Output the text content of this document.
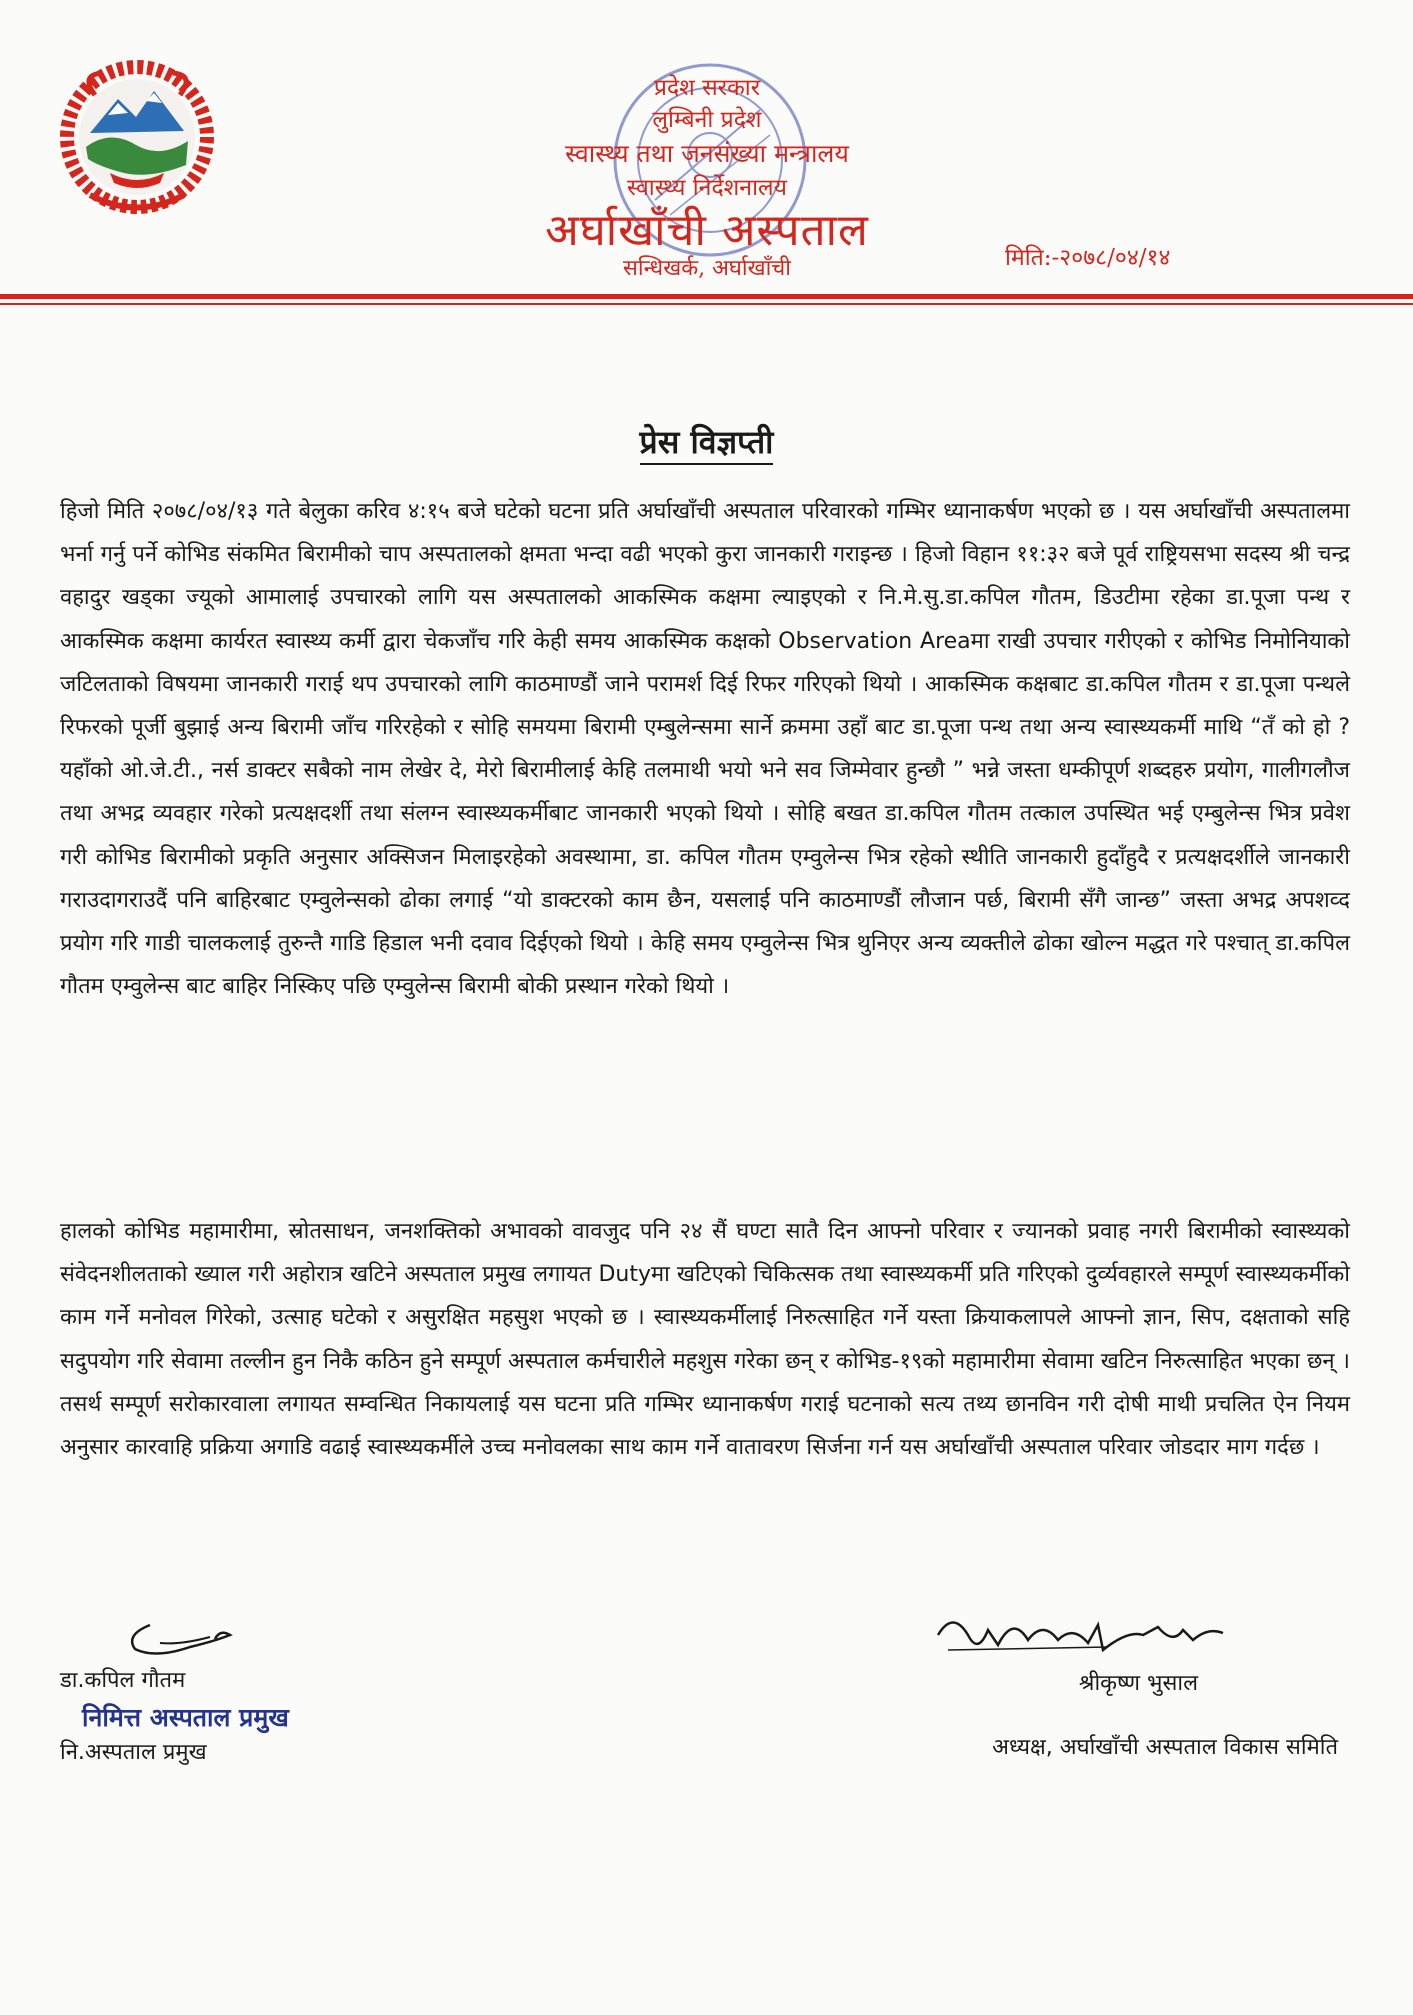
प्रदेश सरकार
लुम्बिनी प्रदेश
स्वास्थ्य तथा जनसंख्या मन्त्रालय
स्वास्थ्य निर्देशनालय
अर्घाखाँची अस्पताल
सन्धिखर्क, अर्घाखाँची	मिति:-२०७८/०४/१४
प्रेस विज्ञप्ती
हिजो मिति २०७८/०४/१३ गते बेलुका करिव ४:१५ बजे घटेको घटना प्रति अर्घाखाँची अस्पताल परिवारको गम्भिर ध्यानाकर्षण भएको छ । यस अर्घाखाँची अस्पतालमा भर्ना गर्नु पर्ने कोभिड संकमित बिरामीको चाप अस्पतालको क्षमता भन्दा वढी भएको कुरा जानकारी गराइन्छ । हिजो विहान ११:३२ बजे पूर्व राष्ट्रियसभा सदस्य श्री चन्द्र वहादुर खड्का ज्यूको आमालाई उपचारको लागि यस अस्पतालको आकस्मिक कक्षमा ल्याइएको र नि.मे.सु.डा.कपिल गौतम, डिउटीमा रहेका डा.पूजा पन्थ र आकस्मिक कक्षमा कार्यरत स्वास्थ्य कर्मी द्वारा चेकजाँच गरि केही समय आकस्मिक कक्षको Observation Areaमा राखी उपचार गरीएको र कोभिड निमोनियाको जटिलताको विषयमा जानकारी गराई थप उपचारको लागि काठमाण्डौं जाने परामर्श दिई रिफर गरिएको थियो । आकस्मिक कक्षबाट डा.कपिल गौतम र डा.पूजा पन्थले रिफरको पूर्जी बुझाई अन्य बिरामी जाँच गरिरहेको र सोहि समयमा बिरामी एम्बुलेन्समा सार्ने क्रममा उहाँ बाट डा.पूजा पन्थ तथा अन्य स्वास्थ्यकर्मी माथि “तँ को हो ? यहाँको ओ.जे.टी., नर्स डाक्टर सबैको नाम लेखेर दे, मेरो बिरामीलाई केहि तलमाथी भयो भने सव जिम्मेवार हुन्छौ ” भन्ने जस्ता धम्कीपूर्ण शब्दहरु प्रयोग, गालीगलौज तथा अभद्र व्यवहार गरेको प्रत्यक्षदर्शी तथा संलग्न स्वास्थ्यकर्मीबाट जानकारी भएको थियो । सोहि बखत डा.कपिल गौतम तत्काल उपस्थित भई एम्बुलेन्स भित्र प्रवेश गरी कोभिड बिरामीको प्रकृति अनुसार अक्सिजन मिलाइरहेको अवस्थामा, डा. कपिल गौतम एम्वुलेन्स भित्र रहेको स्थीति जानकारी हुदाँहुदै र प्रत्यक्षदर्शीले जानकारी गराउदागराउदैं पनि बाहिरबाट एम्वुलेन्सको ढोका लगाई “यो डाक्टरको काम छैन, यसलाई पनि काठमाण्डौं लौजान पर्छ, बिरामी सँगै जान्छ” जस्ता अभद्र अपशव्द प्रयोग गरि गाडी चालकलाई तुरुन्तै गाडि हिडाल भनी दवाव दिईएको थियो । केहि समय एम्वुलेन्स भित्र थुनिएर अन्य व्यक्तीले ढोका खोल्न मद्धत गरे पश्चात् डा.कपिल गौतम एम्वुलेन्स बाट बाहिर निस्किए पछि एम्वुलेन्स बिरामी बोकी प्रस्थान गरेको थियो ।
हालको कोभिड महामारीमा, स्रोतसाधन, जनशक्तिको अभावको वावजुद पनि २४ सैं घण्टा सातै दिन आफ्नो परिवार र ज्यानको प्रवाह नगरी बिरामीको स्वास्थ्यको संवेदनशीलताको ख्याल गरी अहोरात्र खटिने अस्पताल प्रमुख लगायत Dutyमा खटिएको चिकित्सक तथा स्वास्थ्यकर्मी प्रति गरिएको दुर्व्यवहारले सम्पूर्ण स्वास्थ्यकर्मीको काम गर्ने मनोवल गिरेको, उत्साह घटेको र असुरक्षित महसुश भएको छ । स्वास्थ्यकर्मीलाई निरुत्साहित गर्ने यस्ता क्रियाकलापले आफ्नो ज्ञान, सिप, दक्षताको सहि सदुपयोग गरि सेवामा तल्लीन हुन निकै कठिन हुने सम्पूर्ण अस्पताल कर्मचारीले महशुस गरेका छन् र कोभिड-१९को महामारीमा सेवामा खटिन निरुत्साहित भएका छन् । तसर्थ सम्पूर्ण सरोकारवाला लगायत सम्वन्धित निकायलाई यस घटना प्रति गम्भिर ध्यानाकर्षण गराई घटनाको सत्य तथ्य छानविन गरी दोषी माथी प्रचलित ऐन नियम अनुसार कारवाहि प्रक्रिया अगाडि वढाई स्वास्थ्यकर्मीले उच्च मनोवलका साथ काम गर्ने वातावरण सिर्जना गर्न यस अर्घाखाँची अस्पताल परिवार जोडदार माग गर्दछ ।
डा.कपिल गौतम
निमित्त अस्पताल प्रमुख
नि.अस्पताल प्रमुख
श्रीकृष्ण भुसाल
अध्यक्ष, अर्घाखाँची अस्पताल विकास समिति
